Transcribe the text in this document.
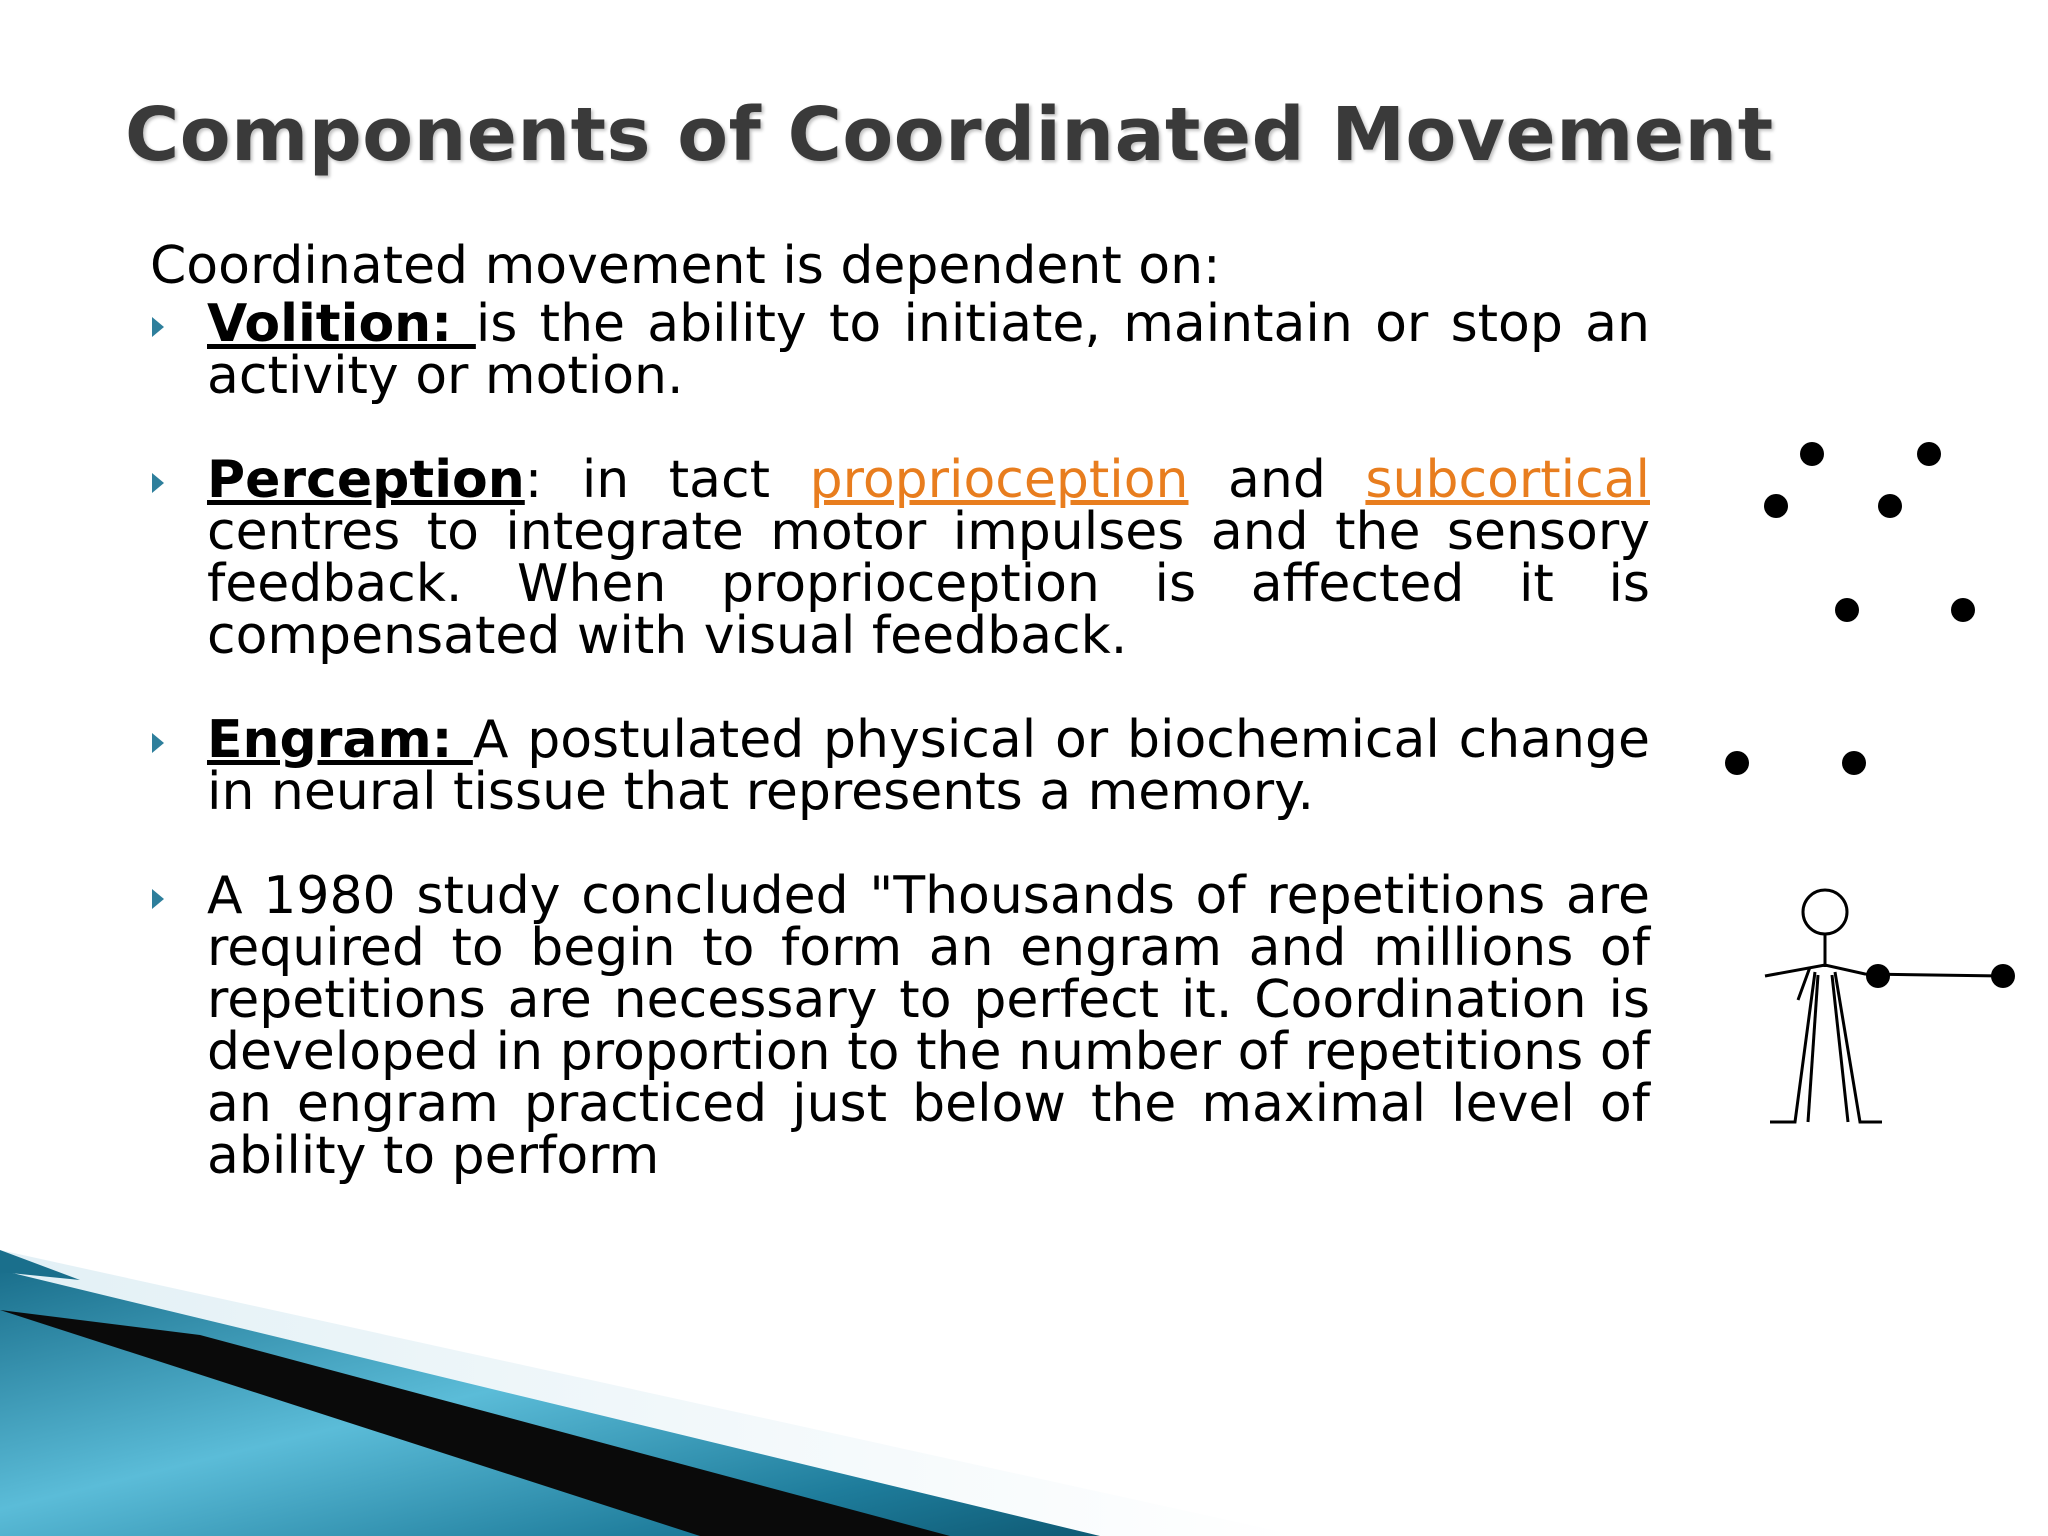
Components of Coordinated Movement
Coordinated movement is dependent on:
Volition: is the ability to initiate, maintain or stop an activity or motion.
Perception: in tact proprioception and subcortical centres to integrate motor impulses and the sensory feedback. When proprioception is affected it is compensated with visual feedback.
Engram: A postulated physical or biochemical change in neural tissue that represents a memory.
A 1980 study concluded "Thousands of repetitions are required to begin to form an engram and millions of repetitions are necessary to perfect it. Coordination is developed in proportion to the number of repetitions of an engram practiced just below the maximal level of ability to perform
